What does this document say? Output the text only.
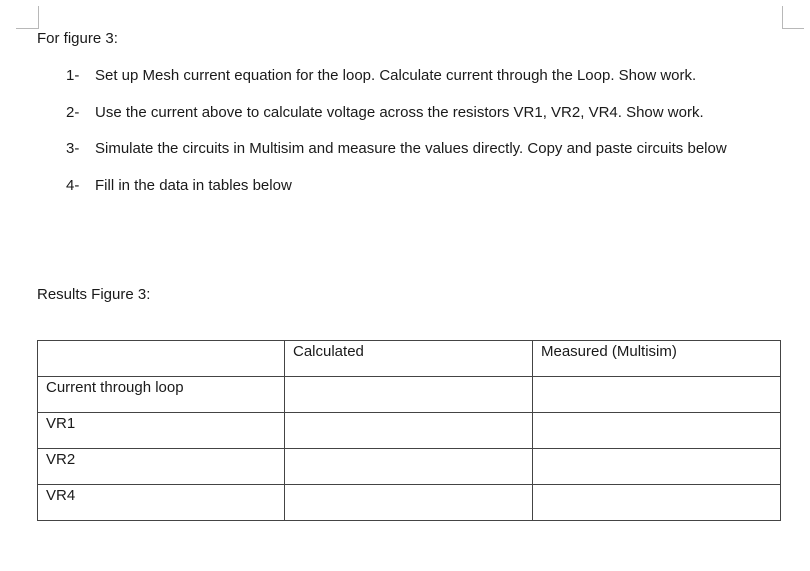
For figure 3:
1-	Set up Mesh current equation for the loop. Calculate current through the Loop. Show work.
2-	Use the current above to calculate voltage across the resistors VR1, VR2, VR4. Show work.
3-	Simulate the circuits in Multisim and measure the values directly. Copy and paste circuits below
4-	Fill in the data in tables below
Results Figure 3:
	Calculated	Measured (Multisim)
Current through loop		
VR1		
VR2		
VR4		
